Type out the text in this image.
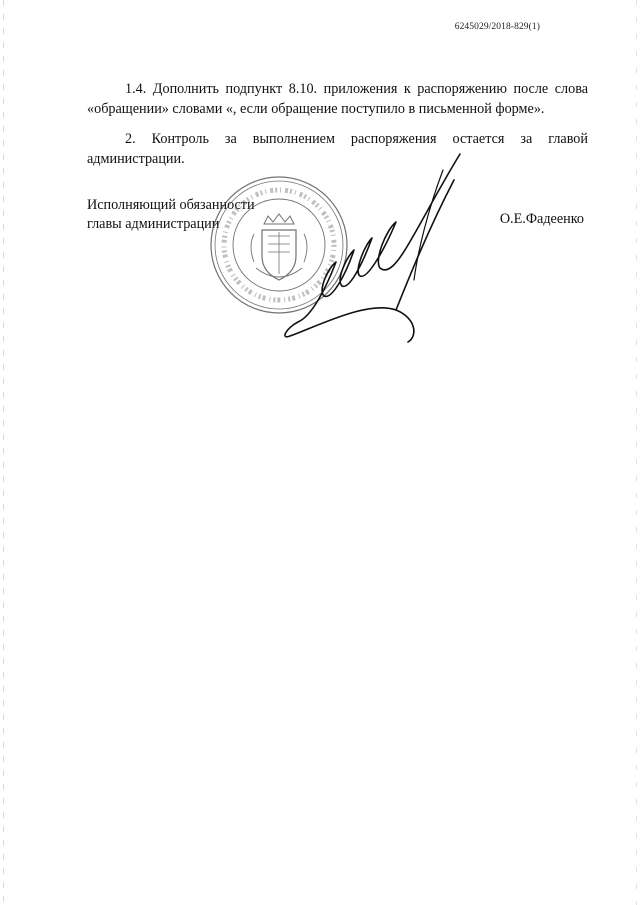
6245029/2018-829(1)
1.4. Дополнить подпункт 8.10. приложения к распоряжению после слова «обращении» словами «, если обращение поступило в письменной форме».
2. Контроль за выполнением распоряжения остается за главой администрации.
Исполняющий обязанности
главы администрации	О.Е.Фадеенко
